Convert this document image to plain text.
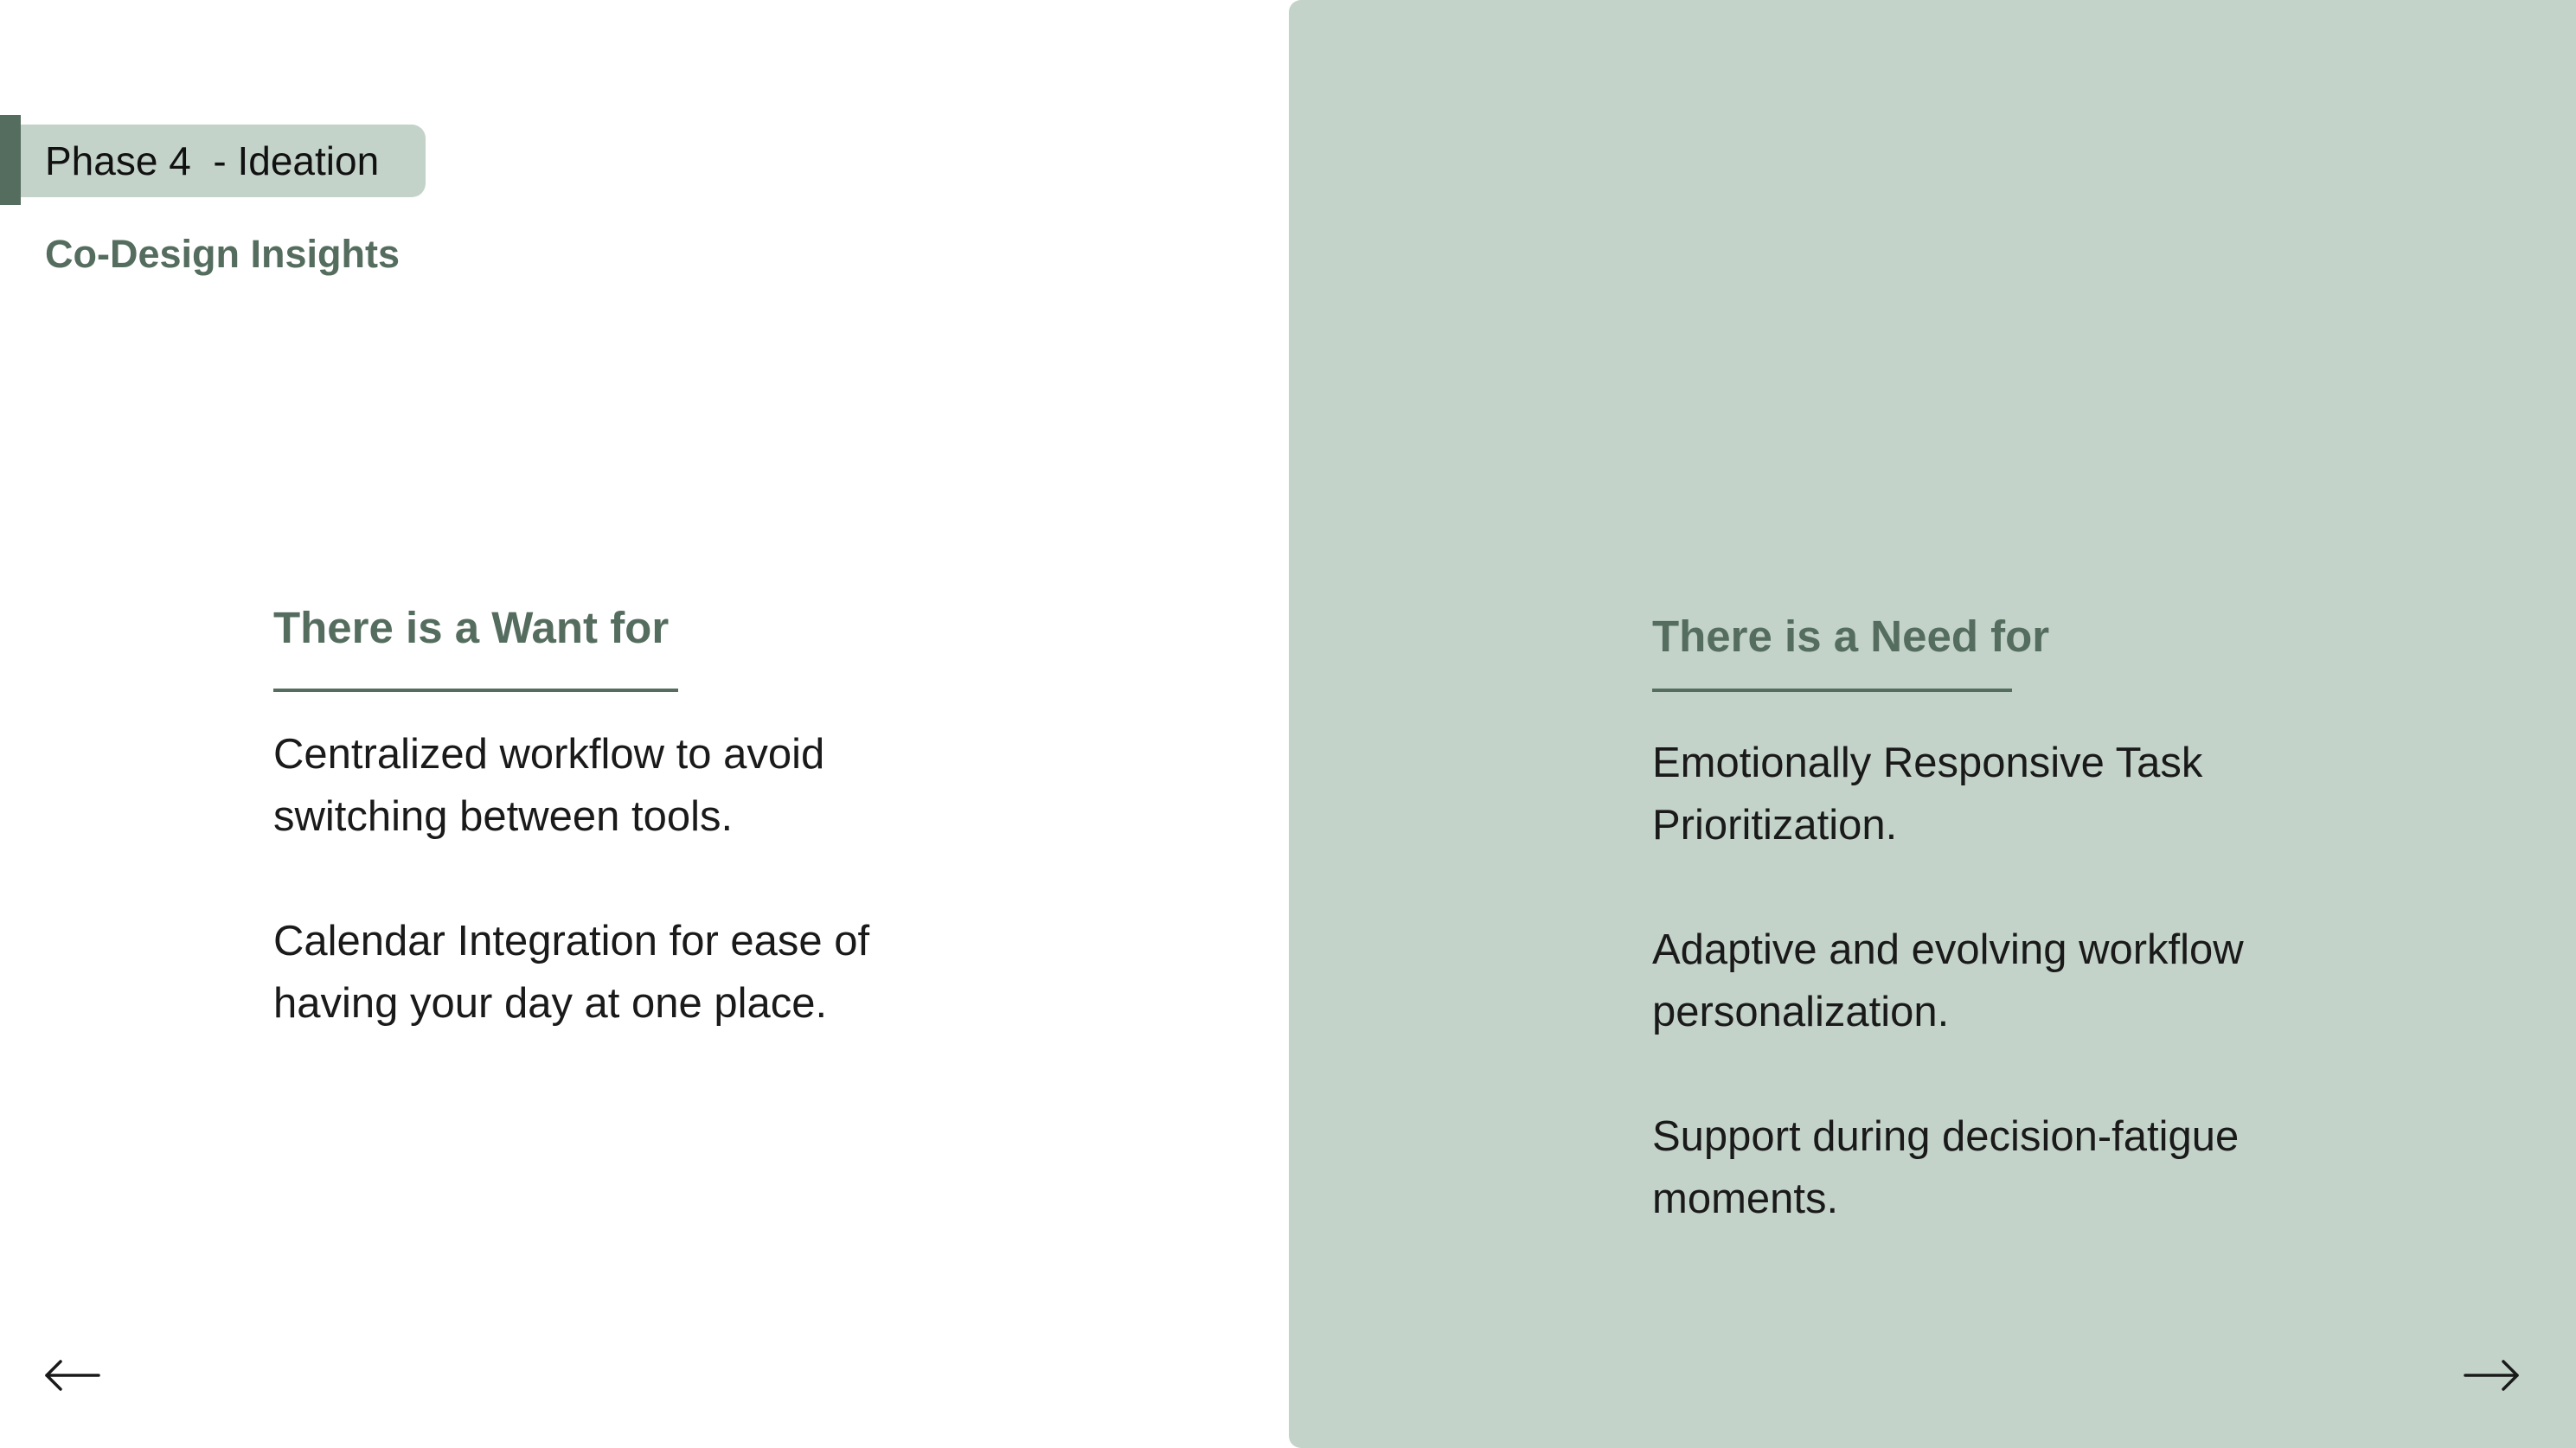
Phase 4  - Ideation
Co-Design Insights
There is a Want for
Centralized workflow to avoid switching between tools.
Calendar Integration for ease of having your day at one place.
There is a Need for
Emotionally Responsive Task Prioritization.
Adaptive and evolving workflow personalization.
Support during decision-fatigue moments.
